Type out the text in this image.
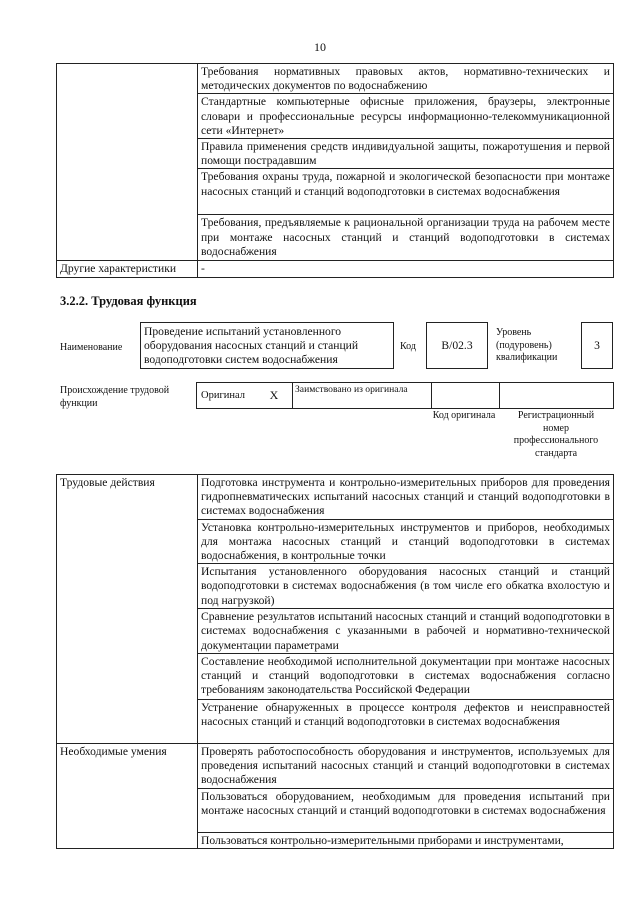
10
	Требования нормативных правовых актов, нормативно-технических и методических документов по водоснабжению
	Стандартные компьютерные офисные приложения, браузеры, электронные словари и профессиональные ресурсы информационно-телекоммуникационной сети «Интернет»
	Правила применения средств индивидуальной защиты, пожаротушения и первой помощи пострадавшим
	Требования охраны труда, пожарной и экологической безопасности при монтаже насосных станций и станций водоподготовки в системах водоснабжения
	Требования, предъявляемые к рациональной организации труда на рабочем месте при монтаже насосных станций и станций водоподготовки в системах водоснабжения
Другие характеристики	-
3.2.2. Трудовая функция
Наименование
Проведение испытаний установленного оборудования насосных станций и станций водоподготовки систем водоснабжения
Код	B/02.3
Уровень (подуровень) квалификации
3
Происхождение трудовой функции
Оригинал	X	Заимствовано из оригинала
Код оригинала	Регистрационный номер профессионального стандарта
Трудовые действия	Подготовка инструмента и контрольно-измерительных приборов для проведения гидропневматических испытаний насосных станций и станций водоподготовки в системах водоснабжения
	Установка контрольно-измерительных инструментов и приборов, необходимых для монтажа насосных станций и станций водоподготовки в системах водоснабжения, в контрольные точки
	Испытания установленного оборудования насосных станций и станций водоподготовки в системах водоснабжения (в том числе его обкатка вхолостую и под нагрузкой)
	Сравнение результатов испытаний насосных станций и станций водоподготовки в системах водоснабжения с указанными в рабочей и нормативно-технической документации параметрами
	Составление необходимой исполнительной документации при монтаже насосных станций и станций водоподготовки в системах водоснабжения согласно требованиям законодательства Российской Федерации
	Устранение обнаруженных в процессе контроля дефектов и неисправностей насосных станций и станций водоподготовки в системах водоснабжения
Необходимые умения	Проверять работоспособность оборудования и инструментов, используемых для проведения испытаний насосных станций и станций водоподготовки в системах водоснабжения
	Пользоваться оборудованием, необходимым для проведения испытаний при монтаже насосных станций и станций водоподготовки в системах водоснабжения
	Пользоваться контрольно-измерительными приборами и инструментами,
